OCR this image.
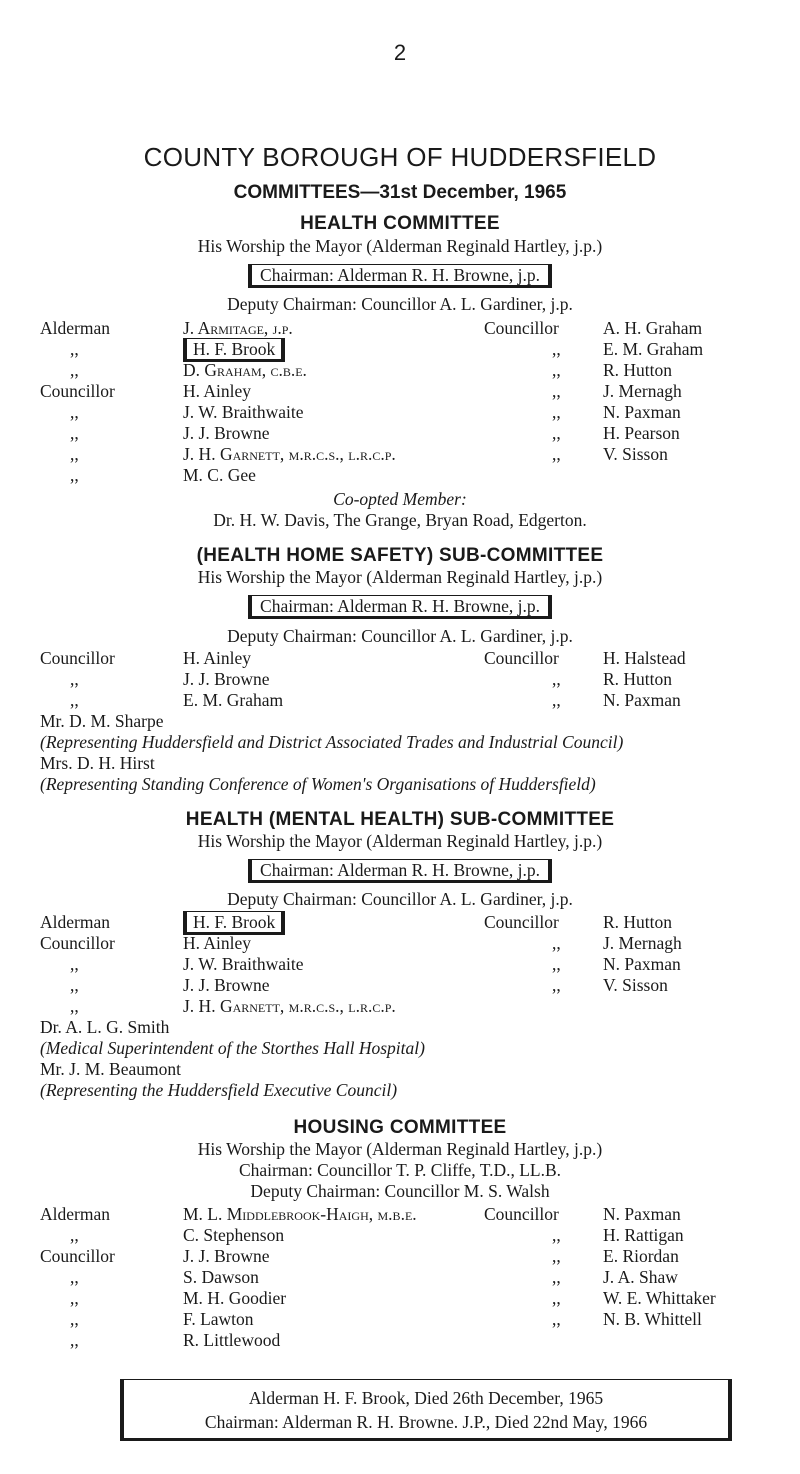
2
COUNTY BOROUGH OF HUDDERSFIELD
COMMITTEES—31st December, 1965
HEALTH COMMITTEE
His Worship the Mayor (Alderman Reginald Hartley, j.p.)
Chairman: Alderman R. H. Browne, j.p.
Deputy Chairman: Councillor A. L. Gardiner, j.p.
Alderman
,,
,,
Councillor
,,
,,
,,
,,
J. Armitage, j.p.
H. F. Brook
D. Graham, c.b.e.
H. Ainley
J. W. Braithwaite
J. J. Browne
J. H. Garnett, m.r.c.s., l.r.c.p.
M. C. Gee
Councillor
,,
,,
,,
,,
,,
,,
A. H. Graham
E. M. Graham
R. Hutton
J. Mernagh
N. Paxman
H. Pearson
V. Sisson
Co-opted Member:
Dr. H. W. Davis, The Grange, Bryan Road, Edgerton.
(HEALTH HOME SAFETY) SUB-COMMITTEE
His Worship the Mayor (Alderman Reginald Hartley, j.p.)
Chairman: Alderman R. H. Browne, j.p.
Deputy Chairman: Councillor A. L. Gardiner, j.p.
Councillor
,,
,,
H. Ainley
J. J. Browne
E. M. Graham
Councillor
,,
,,
H. Halstead
R. Hutton
N. Paxman
Mr. D. M. Sharpe
(Representing Huddersfield and District Associated Trades and Industrial Council)
Mrs. D. H. Hirst
(Representing Standing Conference of Women's Organisations of Huddersfield)
HEALTH (MENTAL HEALTH) SUB-COMMITTEE
His Worship the Mayor (Alderman Reginald Hartley, j.p.)
Chairman: Alderman R. H. Browne, j.p.
Deputy Chairman: Councillor A. L. Gardiner, j.p.
Alderman
Councillor
,,
,,
,,
H. F. Brook
H. Ainley
J. W. Braithwaite
J. J. Browne
J. H. Garnett, m.r.c.s., l.r.c.p.
Councillor
,,
,,
,,
R. Hutton
J. Mernagh
N. Paxman
V. Sisson
Dr. A. L. G. Smith
(Medical Superintendent of the Storthes Hall Hospital)
Mr. J. M. Beaumont
(Representing the Huddersfield Executive Council)
HOUSING COMMITTEE
His Worship the Mayor (Alderman Reginald Hartley, j.p.)
Chairman: Councillor T. P. Cliffe, T.D., LL.B.
Deputy Chairman: Councillor M. S. Walsh
Alderman
,,
Councillor
,,
,,
,,
,,
M. L. Middlebrook-Haigh, m.b.e.
C. Stephenson
J. J. Browne
S. Dawson
M. H. Goodier
F. Lawton
R. Littlewood
Councillor
,,
,,
,,
,,
,,
N. Paxman
H. Rattigan
E. Riordan
J. A. Shaw
W. E. Whittaker
N. B. Whittell
Alderman H. F. Brook, Died 26th December, 1965
Chairman: Alderman R. H. Browne. J.P., Died 22nd May, 1966
